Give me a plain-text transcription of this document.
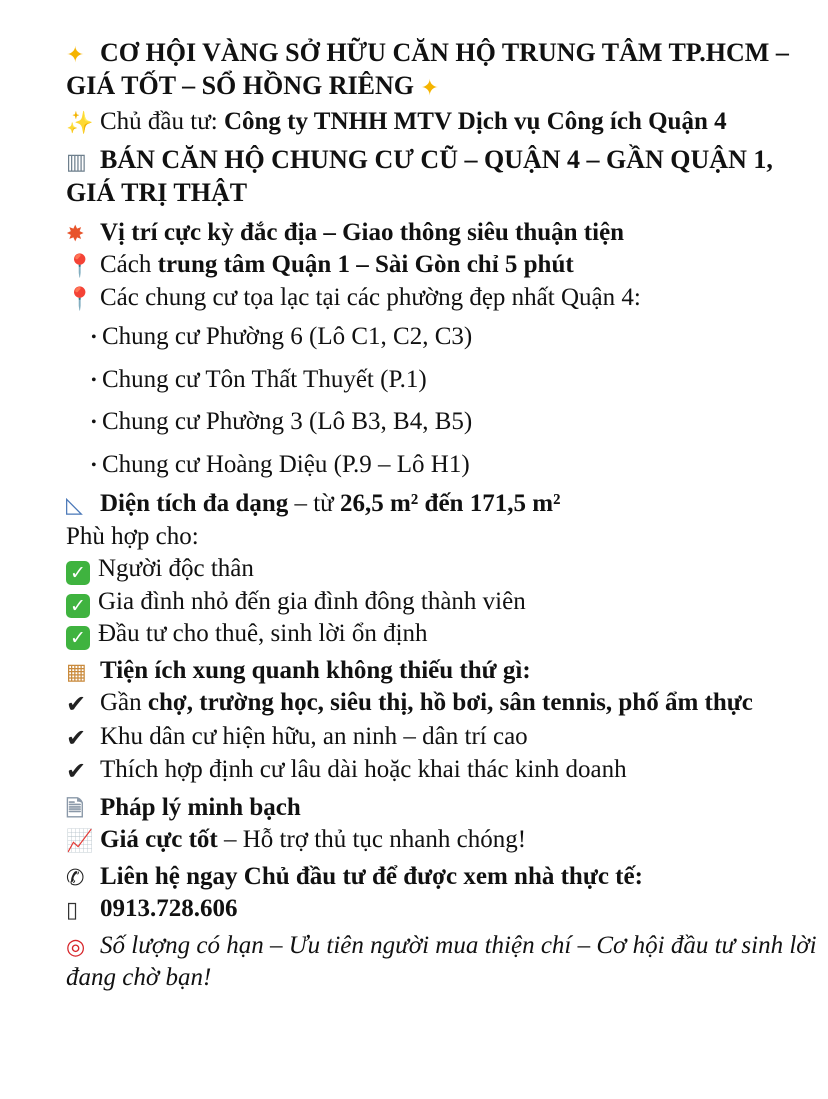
✦ CƠ HỘI VÀNG SỞ HỮU CĂN HỘ TRUNG TÂM TP.HCM – GIÁ TỐT – SỔ HỒNG RIÊNG ✦

✨ Chủ đầu tư: Công ty TNHH MTV Dịch vụ Công ích Quận 4

▥ BÁN CĂN HỘ CHUNG CƯ CŨ – QUẬN 4 – GẦN QUẬN 1, GIÁ TRỊ THẬT

✸ Vị trí cực kỳ đắc địa – Giao thông siêu thuận tiện

📍 Cách trung tâm Quận 1 – Sài Gòn chỉ 5 phút

📍 Các chung cư tọa lạc tại các phường đẹp nhất Quận 4:

• Chung cư Phường 6 (Lô C1, C2, C3)

• Chung cư Tôn Thất Thuyết (P.1)

• Chung cư Phường 3 (Lô B3, B4, B5)

• Chung cư Hoàng Diệu (P.9 – Lô H1)

◺ Diện tích đa dạng – từ 26,5 m² đến 171,5 m²

Phù hợp cho:

✓ Người độc thân

✓ Gia đình nhỏ đến gia đình đông thành viên

✓ Đầu tư cho thuê, sinh lời ổn định

▦ Tiện ích xung quanh không thiếu thứ gì:

✔ Gần chợ, trường học, siêu thị, hồ bơi, sân tennis, phố ẩm thực

✔ Khu dân cư hiện hữu, an ninh – dân trí cao

✔ Thích hợp định cư lâu dài hoặc khai thác kinh doanh

🗎 Pháp lý minh bạch

📈 Giá cực tốt – Hỗ trợ thủ tục nhanh chóng!

✆ Liên hệ ngay Chủ đầu tư để được xem nhà thực tế:

▯ 0913.728.606

◎ Số lượng có hạn – Ưu tiên người mua thiện chí – Cơ hội đầu tư sinh lời đang chờ bạn!
